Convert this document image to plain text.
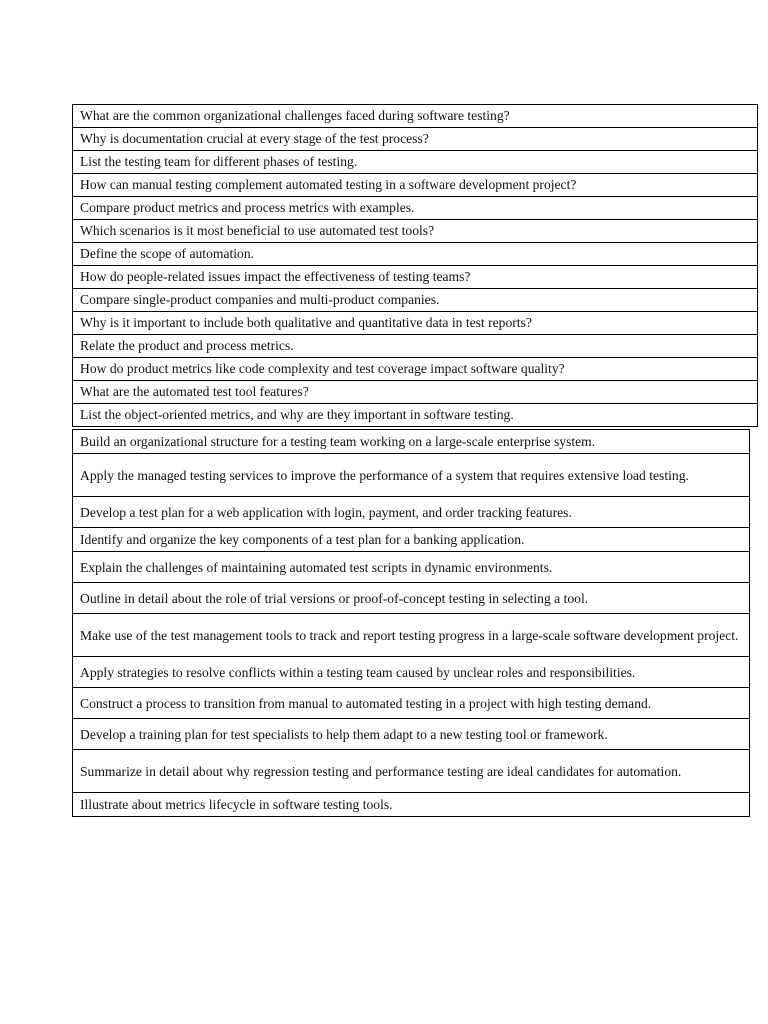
What are the common organizational challenges faced during software testing?
Why is documentation crucial at every stage of the test process?
List the testing team for different phases of testing.
How can manual testing complement automated testing in a software development project?
Compare product metrics and process metrics with examples.
Which scenarios is it most beneficial to use automated test tools?
Define the scope of automation.
How do people-related issues impact the effectiveness of testing teams?
Compare single-product companies and multi-product companies.
Why is it important to include both qualitative and quantitative data in test reports?
Relate the product and process metrics.
How do product metrics like code complexity and test coverage impact software quality?
What are the automated test tool features?
List the object-oriented metrics, and why are they important in software testing.
Build an organizational structure for a testing team working on a large-scale enterprise system.
Apply the managed testing services to improve the performance of a system that requires extensive load testing.
Develop a test plan for a web application with login, payment, and order tracking features.
Identify and organize the key components of a test plan for a banking application.
Explain the challenges of maintaining automated test scripts in dynamic environments.
Outline in detail about the role of trial versions or proof-of-concept testing in selecting a tool.
Make use of the test management tools to track and report testing progress in a large-scale software development project.
Apply strategies to resolve conflicts within a testing team caused by unclear roles and responsibilities.
Construct a process to transition from manual to automated testing in a project with high testing demand.
Develop a training plan for test specialists to help them adapt to a new testing tool or framework.
Summarize in detail about why regression testing and performance testing are ideal candidates for automation.
Illustrate about metrics lifecycle in software testing tools.
